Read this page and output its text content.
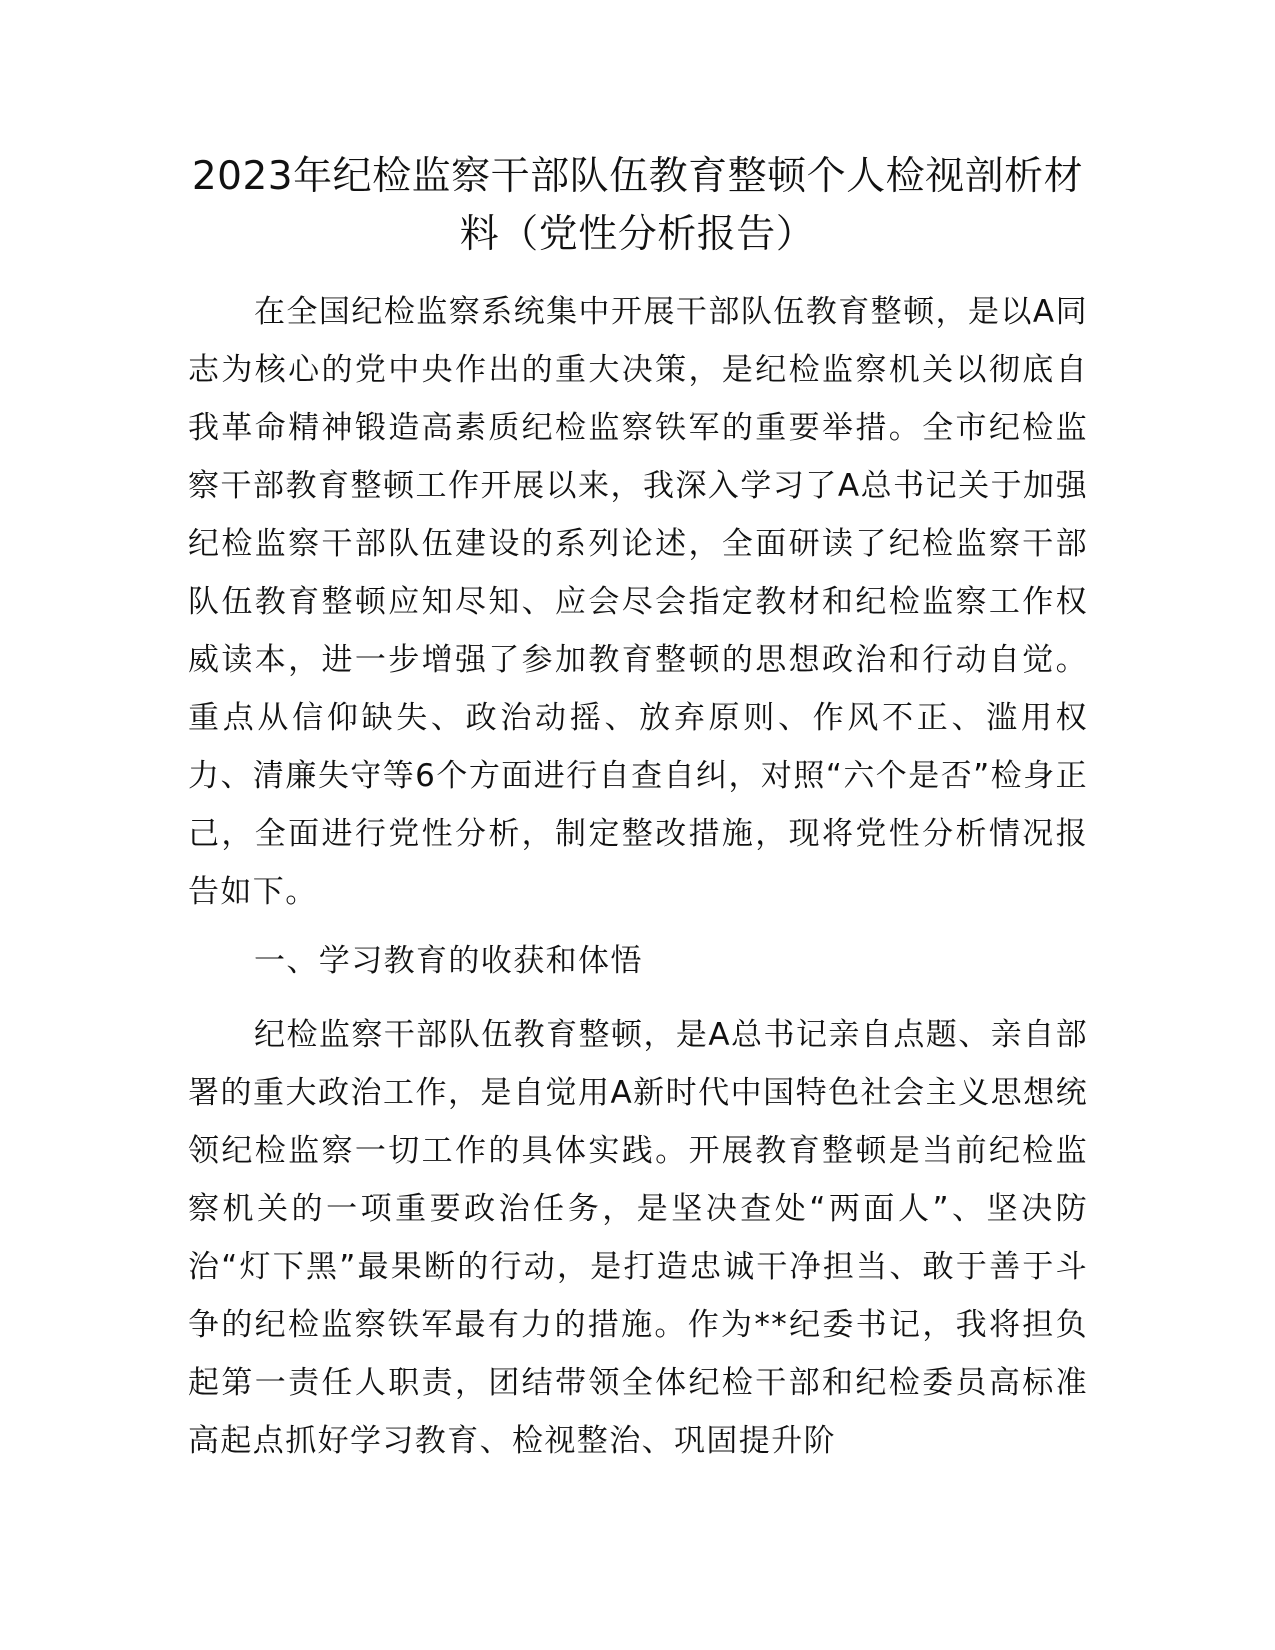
2023年纪检监察干部队伍教育整顿个人检视剖析材料（党性分析报告）
在全国纪检监察系统集中开展干部队伍教育整顿，是以A同志为核心的党中央作出的重大决策，是纪检监察机关以彻底自我革命精神锻造高素质纪检监察铁军的重要举措。全市纪检监察干部教育整顿工作开展以来，我深入学习了A总书记关于加强纪检监察干部队伍建设的系列论述，全面研读了纪检监察干部队伍教育整顿应知尽知、应会尽会指定教材和纪检监察工作权威读本，进一步增强了参加教育整顿的思想政治和行动自觉。重点从信仰缺失、政治动摇、放弃原则、作风不正、滥用权力、清廉失守等6个方面进行自查自纠，对照“六个是否”检身正己，全面进行党性分析，制定整改措施，现将党性分析情况报告如下。
一、学习教育的收获和体悟
纪检监察干部队伍教育整顿，是A总书记亲自点题、亲自部署的重大政治工作，是自觉用A新时代中国特色社会主义思想统领纪检监察一切工作的具体实践。开展教育整顿是当前纪检监察机关的一项重要政治任务，是坚决查处“两面人”、坚决防治“灯下黑”最果断的行动，是打造忠诚干净担当、敢于善于斗争的纪检监察铁军最有力的措施。作为**纪委书记，我将担负起第一责任人职责，团结带领全体纪检干部和纪检委员高标准高起点抓好学习教育、检视整治、巩固提升阶
